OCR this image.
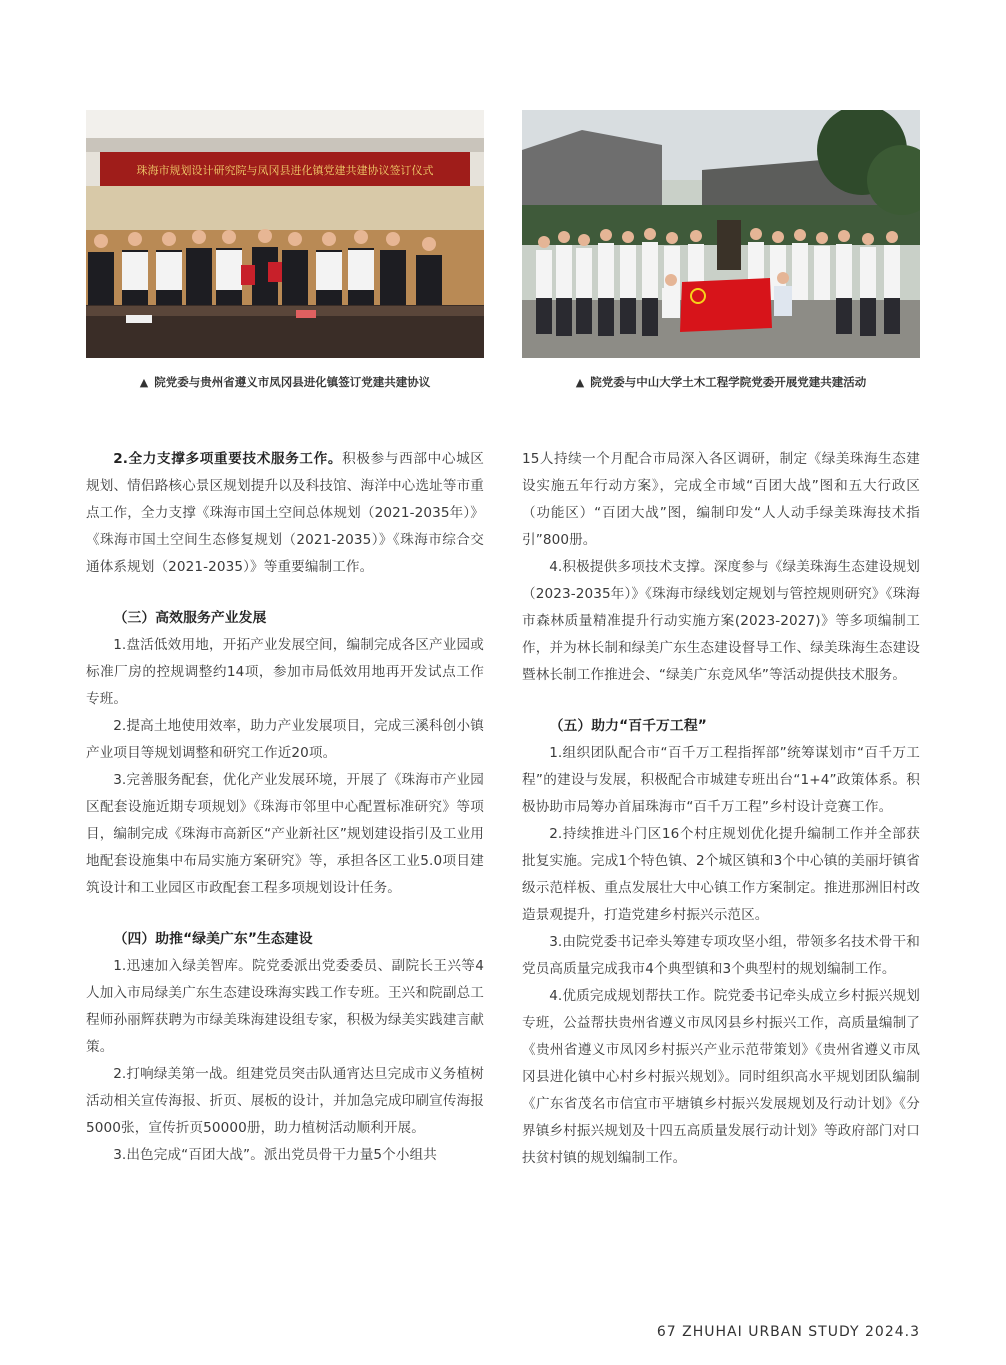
珠海市规划设计研究院与凤冈县进化镇党建共建协议签订仪式
▲ 院党委与贵州省遵义市凤冈县进化镇签订党建共建协议	▲ 院党委与中山大学土木工程学院党委开展党建共建活动

2.全力支撑多项重要技术服务工作。积极参与西部中心城区规划、情侣路核心景区规划提升以及科技馆、海洋中心选址等市重点工作，全力支撑《珠海市国土空间总体规划（2021-2035年）》《珠海市国土空间生态修复规划（2021-2035）》《珠海市综合交通体系规划（2021-2035）》等重要编制工作。

（三）高效服务产业发展

1.盘活低效用地，开拓产业发展空间，编制完成各区产业园或标准厂房的控规调整约14项，参加市局低效用地再开发试点工作专班。

2.提高土地使用效率，助力产业发展项目，完成三溪科创小镇产业项目等规划调整和研究工作近20项。

3.完善服务配套，优化产业发展环境，开展了《珠海市产业园区配套设施近期专项规划》《珠海市邻里中心配置标准研究》等项目，编制完成《珠海市高新区“产业新社区”规划建设指引及工业用地配套设施集中布局实施方案研究》等，承担各区工业5.0项目建筑设计和工业园区市政配套工程多项规划设计任务。

（四）助推“绿美广东”生态建设

1.迅速加入绿美智库。院党委派出党委委员、副院长王兴等4人加入市局绿美广东生态建设珠海实践工作专班。王兴和院副总工程师孙丽辉获聘为市绿美珠海建设组专家，积极为绿美实践建言献策。

2.打响绿美第一战。组建党员突击队通宵达旦完成市义务植树活动相关宣传海报、折页、展板的设计，并加急完成印刷宣传海报5000张，宣传折页50000册，助力植树活动顺利开展。

3.出色完成“百团大战”。派出党员骨干力量5个小组共

15人持续一个月配合市局深入各区调研，制定《绿美珠海生态建设实施五年行动方案》，完成全市域“百团大战”图和五大行政区（功能区）“百团大战”图，编制印发“人人动手绿美珠海技术指引”800册。

4.积极提供多项技术支撑。深度参与《绿美珠海生态建设规划（2023-2035年）》《珠海市绿线划定规划与管控规则研究》《珠海市森林质量精准提升行动实施方案(2023-2027)》等多项编制工作，并为林长制和绿美广东生态建设督导工作、绿美珠海生态建设暨林长制工作推进会、“绿美广东竞风华”等活动提供技术服务。

（五）助力“百千万工程”

1.组织团队配合市“百千万工程指挥部”统筹谋划市“百千万工程”的建设与发展，积极配合市城建专班出台“1+4”政策体系。积极协助市局筹办首届珠海市“百千万工程”乡村设计竞赛工作。

2.持续推进斗门区16个村庄规划优化提升编制工作并全部获批复实施。完成1个特色镇、2个城区镇和3个中心镇的美丽圩镇省级示范样板、重点发展壮大中心镇工作方案制定。推进那洲旧村改造景观提升，打造党建乡村振兴示范区。

3.由院党委书记牵头筹建专项攻坚小组，带领多名技术骨干和党员高质量完成我市4个典型镇和3个典型村的规划编制工作。

4.优质完成规划帮扶工作。院党委书记牵头成立乡村振兴规划专班，公益帮扶贵州省遵义市凤冈县乡村振兴工作，高质量编制了《贵州省遵义市凤冈乡村振兴产业示范带策划》《贵州省遵义市凤冈县进化镇中心村乡村振兴规划》。同时组织高水平规划团队编制《广东省茂名市信宜市平塘镇乡村振兴发展规划及行动计划》《分界镇乡村振兴规划及十四五高质量发展行动计划》等政府部门对口扶贫村镇的规划编制工作。

67 ZHUHAI URBAN STUDY 2024.3
